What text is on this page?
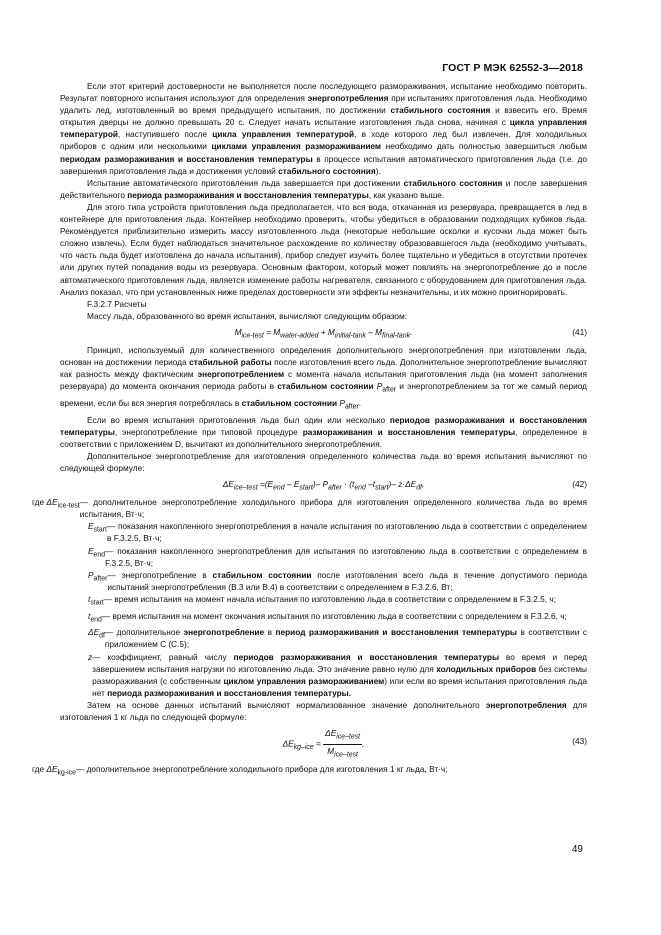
ГОСТ Р МЭК 62552-3—2018

Если этот критерий достоверности не выполняется после последующего размораживания, испытание необходимо повторить. Результат повторного испытания используют для определения энергопотребления при испытаниях приготовления льда. Необходимо удалить лед, изготовленный во время предыдущего испытания, по достижении стабильного состояния и взвесить его. Время открытия дверцы не должно превышать 20 с. Следует начать испытание изготовления льда снова, начиная с цикла управления температурой, наступившего после цикла управления температурой, в ходе которого лед был извлечен. Для холодильных приборов с одним или несколькими циклами управления размораживанием необходимо дать полностью завершиться любым периодам размораживания и восстановления температуры в процессе испытания автоматического приготовления льда (т.е. до завершения приготовления льда и достижения условий стабильного состояния).

Испытание автоматического приготовления льда завершается при достижении стабильного состояния и после завершения действительного периода размораживания и восстановления температуры, как указано выше.

Для этого типа устройств приготовления льда предполагается, что вся вода, откачанная из резервуара, превращается в лед в контейнере для приготовления льда. Контейнер необходимо проверить, чтобы убедиться в образовании подходящих кубиков льда. Рекомендуется приблизительно измерить массу изготовленного льда (некоторые небольшие осколки и кусочки льда может быть сложно извлечь). Если будет наблюдаться значительное расхождение по количеству образовавшегося льда (необходимо учитывать, что часть льда будет изготовлена до начала испытания), прибор следует изучить более тщательно и убедиться в отсутствии протечек или других путей попадания воды из резервуара. Основным фактором, который может повлиять на энергопотребление до и после автоматического приготовления льда, является изменение работы нагревателя, связанного с оборудованием для приготовления льда. Анализ показал, что при установленных ниже пределах достоверности эти эффекты незначительны, и их можно проигнорировать.

F.3.2.7 Расчеты

Массу льда, образованного во время испытания, вычисляют следующим образом:

$M_{ice-test} = M_{water-added} + M_{initial-tank} - M_{final-tank}$.	(41)

Принцип, используемый для количественного определения дополнительного энергопотребления при изготовлении льда, основан на достижении периода стабильной работы после изготовления всего льда. Дополнительное энергопотребление вычисляют как разность между фактическим энергопотреблением с момента начала испытания приготовления льда (на момент заполнения резервуара) до момента окончания периода работы в стабильном состоянии $P_{after}$ и энергопотреблением за тот же самый период времени, если бы вся энергия потреблялась в стабильном состоянии $P_{after}$.

Если во время испытания приготовления льда был один или несколько периодов размораживания и восстановления температуры, энергопотребление при типовой процедуре размораживания и восстановления температуры, определенное в соответствии с приложением D, вычитают из дополнительного энергопотребления.

Дополнительное энергопотребление для изготовления определенного количества льда во время испытания вычисляют по следующей формуле:

$\Delta E_{ice-test} =(E_{end} - E_{start})-$ $P_{after} \cdot (t_{end}$ $-t_{start})-$ $z\cdot\Delta E_{df}$,	(42)
где $\Delta E_{ice-test}$ — дополнительное энергопотребление холодильного прибора для изготовления определенного количества льда во время испытания, Вт·ч;
$E_{start}$ — показания накопленного энергопотребления в начале испытания по изготовлению льда в соответствии с определением в F.3.2.5, Вт·ч;
$E_{end}$ — показания накопленного энергопотребления для испытания по изготовлению льда в соответствии с определением в F.3.2.5, Вт·ч;
$P_{after}$ — энергопотребление в стабильном состоянии после изготовления всего льда в течение допустимого периода испытаний энергопотребления (В.3 или В.4) в соответствии с определением в F.3.2.6, Вт;
$t_{start}$ — время испытания на момент начала испытания по изготовлению льда в соответствии с определением в F.3.2.5, ч;
$t_{end}$ — время испытания на момент окончания испытания по изготовлению льда в соответствии с определением в F.3.2.6, ч;
$\Delta E_{df}$ — дополнительное энергопотребление в период размораживания и восстановления температуры в соответствии с приложением С (С.5);
z — коэффициент, равный числу периодов размораживания и восстановления температуры во время и перед завершением испытания нагрузки по изготовлению льда. Это значение равно нулю для холодильных приборов без системы размораживания (с собственным циклом управления размораживанием) или если во время испытания приготовления льда нет периода размораживания и восстановления температуры.

Затем на основе данных испытаний вычисляют нормализованное значение дополнительного энергопотребления для изготовления 1 кг льда по следующей формуле:

$\Delta E_{kg-ice} = \frac{\Delta E_{ice-test}}{M_{ice-test}}$ ,	(43)
где $\Delta E_{kg-ice}$ — дополнительное энергопотребление холодильного прибора для изготовления 1 кг льда, Вт·ч;
49
